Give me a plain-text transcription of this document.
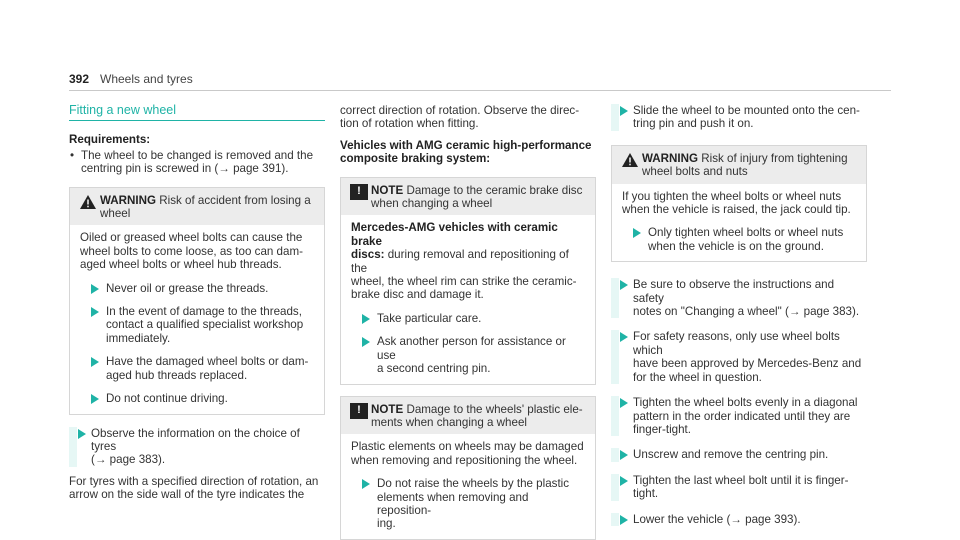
392 Wheels and tyres
Fitting a new wheel
Requirements:
• The wheel to be changed is removed and the
centring pin is screwed in (→ page 391).
WARNING Risk of accident from losing a
wheel
Oiled or greased wheel bolts can cause the
wheel bolts to come loose, as too can dam-
aged wheel bolts or wheel hub threads.
Never oil or grease the threads.
In the event of damage to the threads,
contact a qualified specialist workshop
immediately.
Have the damaged wheel bolts or dam-
aged hub threads replaced.
Do not continue driving.
Observe the information on the choice of tyres
(→ page 383).
For tyres with a specified direction of rotation, an
arrow on the side wall of the tyre indicates the
correct direction of rotation. Observe the direc-
tion of rotation when fitting.
Vehicles with AMG ceramic high-performance
composite braking system:
! NOTE Damage to the ceramic brake disc
when changing a wheel
Mercedes-AMG vehicles with ceramic brake
discs: during removal and repositioning of the
wheel, the wheel rim can strike the ceramic-
brake disc and damage it.
Take particular care.
Ask another person for assistance or use
a second centring pin.
! NOTE Damage to the wheels' plastic ele-
ments when changing a wheel
Plastic elements on wheels may be damaged
when removing and repositioning the wheel.
Do not raise the wheels by the plastic
elements when removing and reposition-
ing.
Slide the wheel to be mounted onto the cen-
tring pin and push it on.
WARNING Risk of injury from tightening
wheel bolts and nuts
If you tighten the wheel bolts or wheel nuts
when the vehicle is raised, the jack could tip.
Only tighten wheel bolts or wheel nuts
when the vehicle is on the ground.
Be sure to observe the instructions and safety
notes on "Changing a wheel" (→ page 383).
For safety reasons, only use wheel bolts which
have been approved by Mercedes-Benz and
for the wheel in question.
Tighten the wheel bolts evenly in a diagonal
pattern in the order indicated until they are
finger-tight.
Unscrew and remove the centring pin.
Tighten the last wheel bolt until it is finger-
tight.
Lower the vehicle (→ page 393).
